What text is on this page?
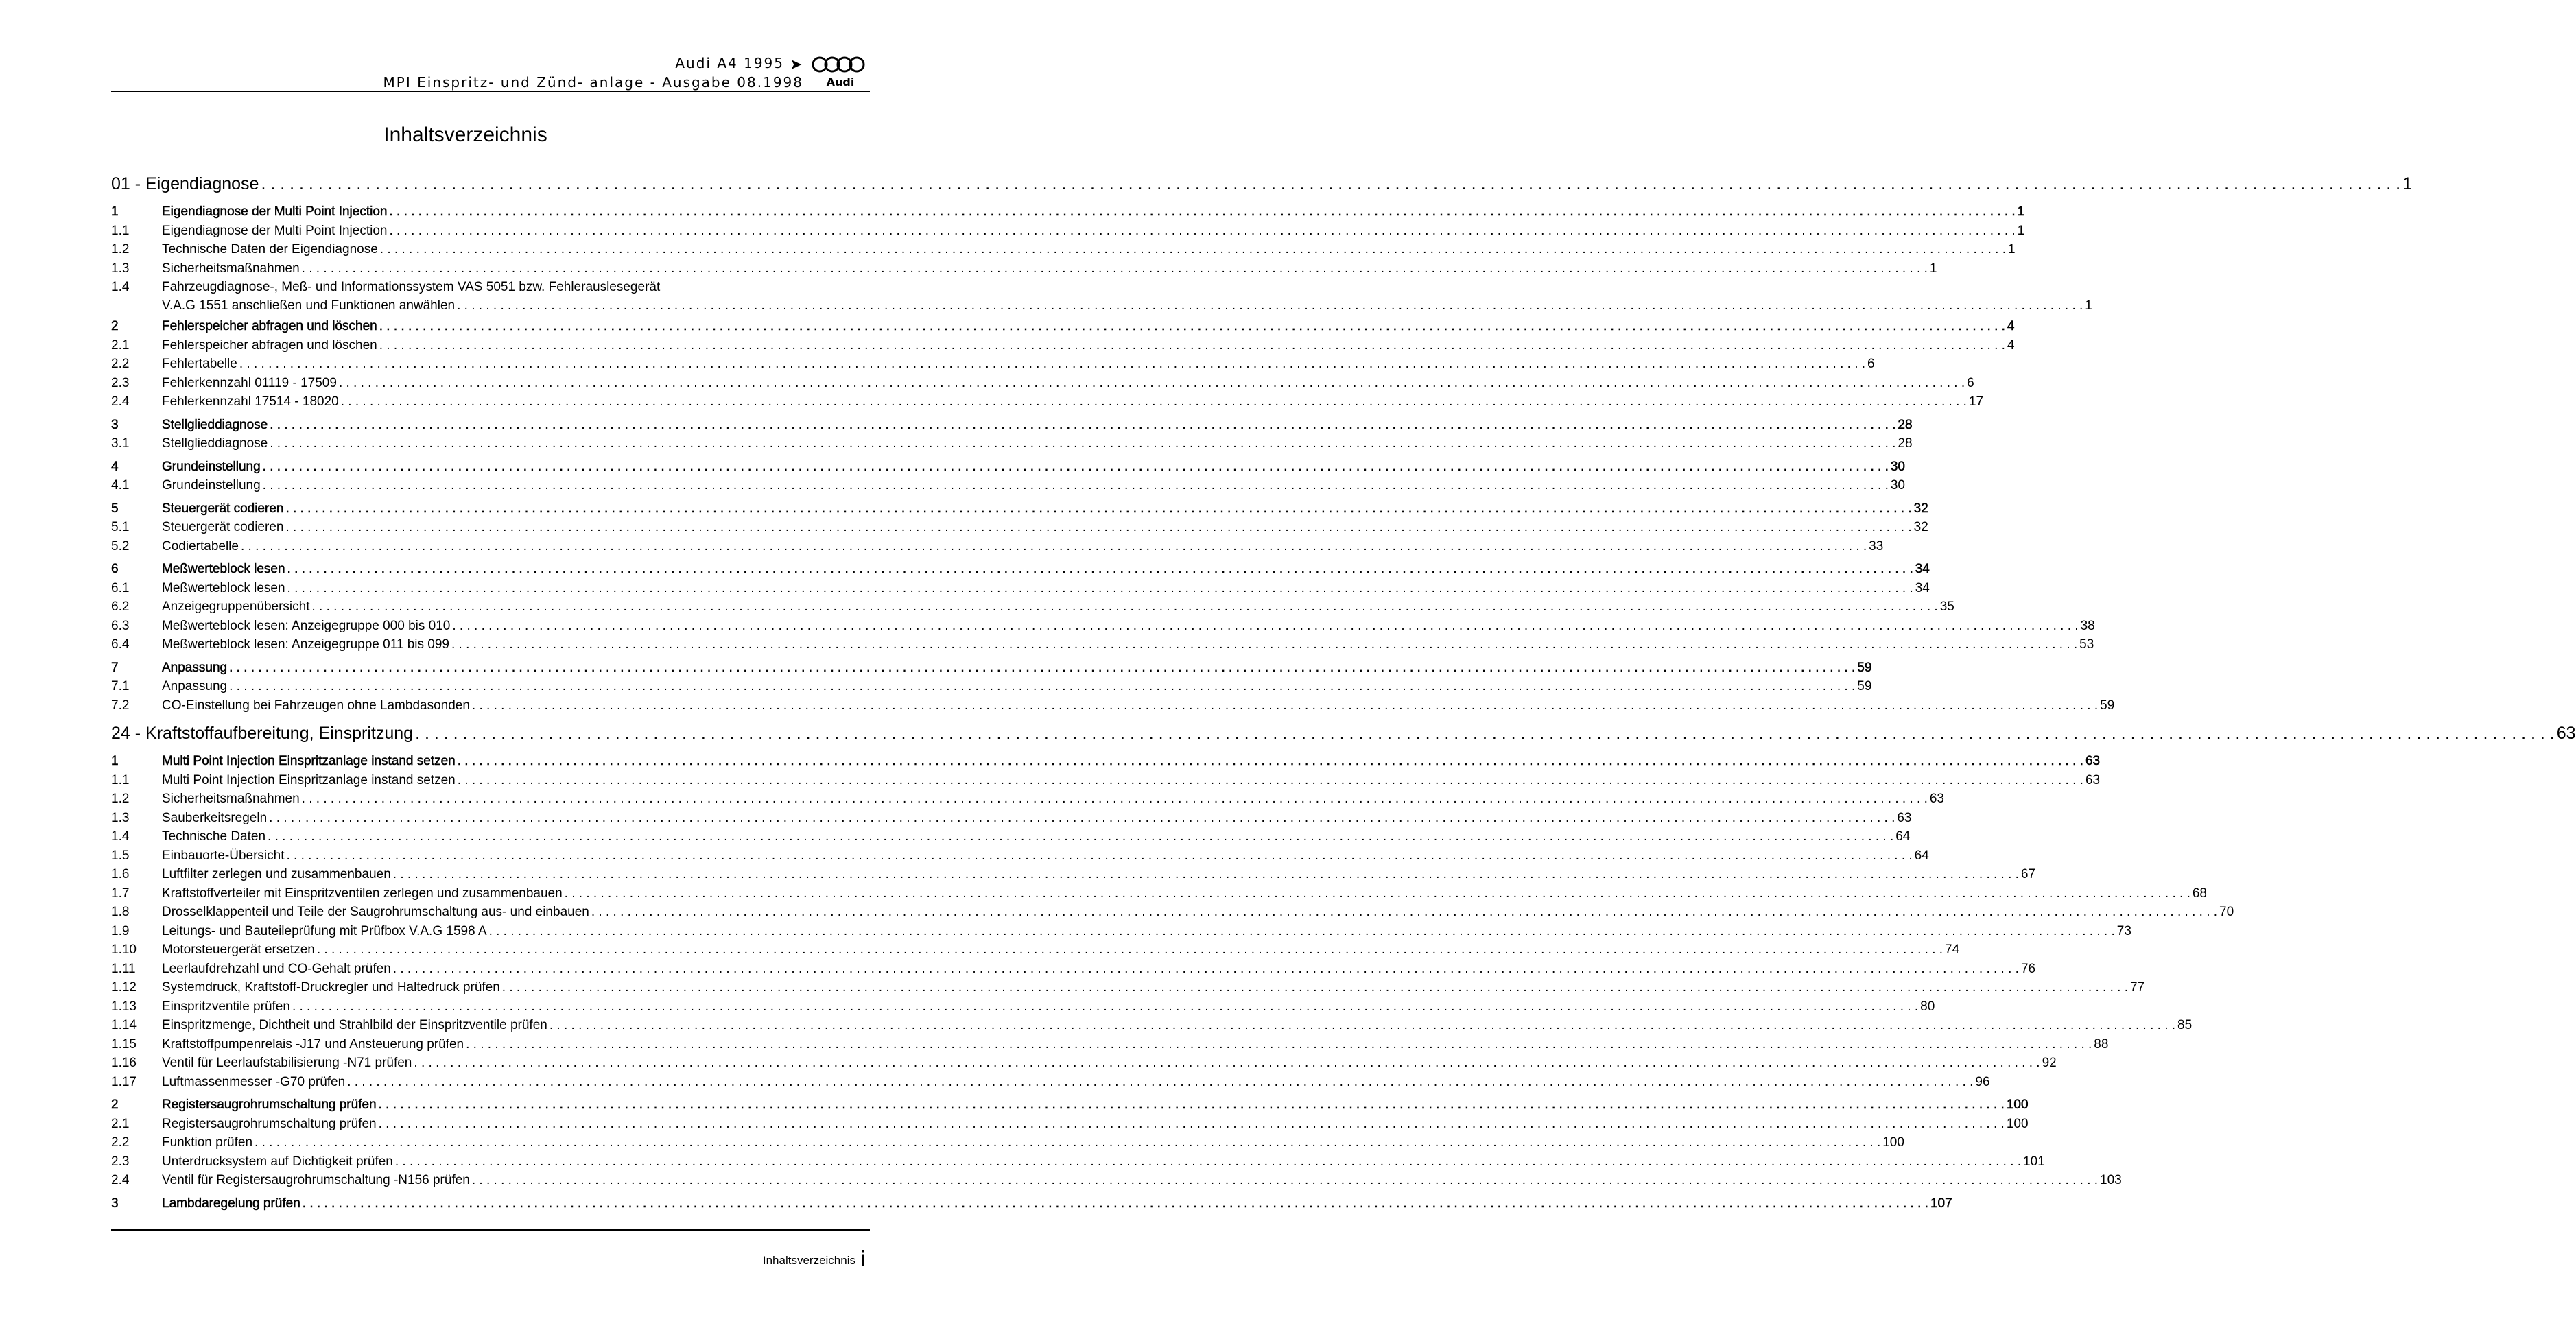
Audi A4 1995 ➤
MPI Einspritz- und Zünd- anlage - Ausgabe 08.1998	Audi
Inhaltsverzeichnis
01 - Eigendiagnose . . .	1
1	Eigendiagnose der Multi Point Injection . . .	1
1.1	Eigendiagnose der Multi Point Injection . . .	1
1.2	Technische Daten der Eigendiagnose . . .	1
1.3	Sicherheitsmaßnahmen . . .	1
1.4	Fahrzeugdiagnose-, Meß- und Informationssystem VAS 5051 bzw. Fehlerauslesegerät
V.A.G 1551 anschließen und Funktionen anwählen . . .	1
2	Fehlerspeicher abfragen und löschen . . .	4
2.1	Fehlerspeicher abfragen und löschen . . .	4
2.2	Fehlertabelle . . .	6
2.3	Fehlerkennzahl 01119 - 17509 . . .	6
2.4	Fehlerkennzahl 17514 - 18020 . . .	17
3	Stellglieddiagnose . . .	28
3.1	Stellglieddiagnose . . .	28
4	Grundeinstellung . . .	30
4.1	Grundeinstellung . . .	30
5	Steuergerät codieren . . .	32
5.1	Steuergerät codieren . . .	32
5.2	Codiertabelle . . .	33
6	Meßwerteblock lesen . . .	34
6.1	Meßwerteblock lesen . . .	34
6.2	Anzeigegruppenübersicht . . .	35
6.3	Meßwerteblock lesen: Anzeigegruppe 000 bis 010 . . .	38
6.4	Meßwerteblock lesen: Anzeigegruppe 011 bis 099 . . .	53
7	Anpassung . . .	59
7.1	Anpassung . . .	59
7.2	CO-Einstellung bei Fahrzeugen ohne Lambdasonden . . .	59
24 - Kraftstoffaufbereitung, Einspritzung . . .	63
1	Multi Point Injection Einspritzanlage instand setzen . . .	63
1.1	Multi Point Injection Einspritzanlage instand setzen . . .	63
1.2	Sicherheitsmaßnahmen . . .	63
1.3	Sauberkeitsregeln . . .	63
1.4	Technische Daten . . .	64
1.5	Einbauorte-Übersicht . . .	64
1.6	Luftfilter zerlegen und zusammenbauen . . .	67
1.7	Kraftstoffverteiler mit Einspritzventilen zerlegen und zusammenbauen . . .	68
1.8	Drosselklappenteil und Teile der Saugrohrumschaltung aus- und einbauen . . .	70
1.9	Leitungs- und Bauteileprüfung mit Prüfbox V.A.G 1598 A . . .	73
1.10	Motorsteuergerät ersetzen . . .	74
1.11	Leerlaufdrehzahl und CO-Gehalt prüfen . . .	76
1.12	Systemdruck, Kraftstoff-Druckregler und Haltedruck prüfen . . .	77
1.13	Einspritzventile prüfen . . .	80
1.14	Einspritzmenge, Dichtheit und Strahlbild der Einspritzventile prüfen . . .	85
1.15	Kraftstoffpumpenrelais -J17 und Ansteuerung prüfen . . .	88
1.16	Ventil für Leerlaufstabilisierung -N71 prüfen . . .	92
1.17	Luftmassenmesser -G70 prüfen . . .	96
2	Registersaugrohrumschaltung prüfen . . .	100
2.1	Registersaugrohrumschaltung prüfen . . .	100
2.2	Funktion prüfen . . .	100
2.3	Unterdrucksystem auf Dichtigkeit prüfen . . .	101
2.4	Ventil für Registersaugrohrumschaltung -N156 prüfen . . .	103
3	Lambdaregelung prüfen . . .	107
Inhaltsverzeichnis i
